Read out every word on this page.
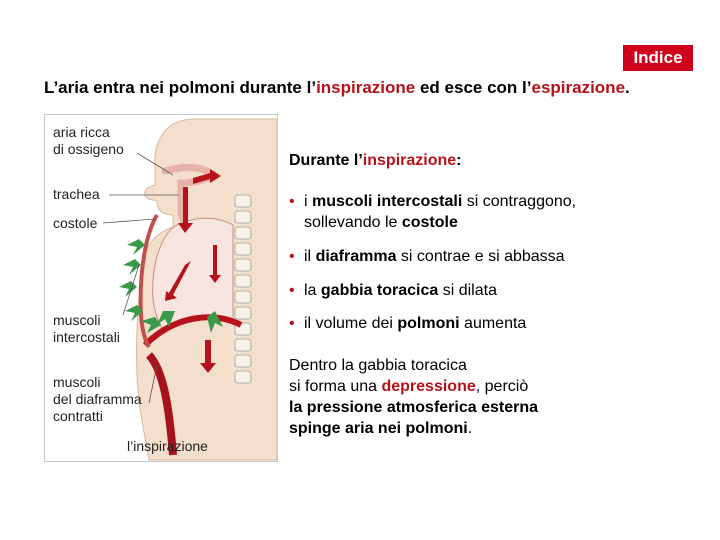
Indice
L’aria entra nei polmoni durante l’inspirazione ed esce con l’espirazione.
aria ricca
di ossigeno
trachea
costole
muscoli
intercostali
muscoli
del diaframma
contratti
l’inspirazione
Durante l’inspirazione:
• i muscoli intercostali si contraggono,
sollevando le costole
• il diaframma si contrae e si abbassa
• la gabbia toracica si dilata
• il volume dei polmoni aumenta
Dentro la gabbia toracica
si forma una depressione, perciò
la pressione atmosferica esterna
spinge aria nei polmoni.
